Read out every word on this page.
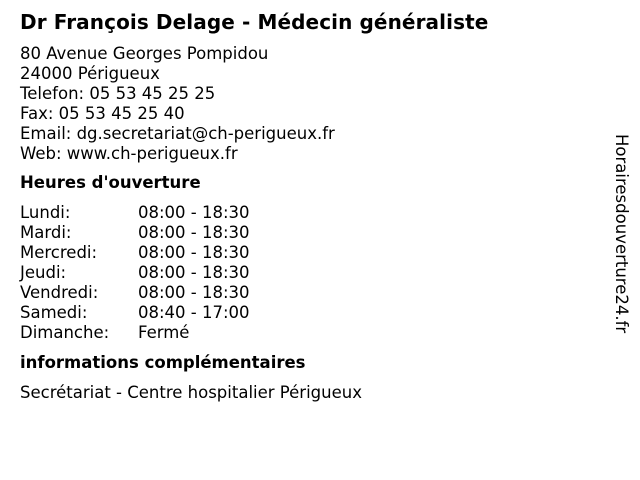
Dr François Delage - Médecin généraliste
80 Avenue Georges Pompidou
24000 Périgueux
Telefon: 05 53 45 25 25
Fax: 05 53 45 25 40
Email: dg.secretariat@ch-perigueux.fr
Web: www.ch-perigueux.fr
Heures d'ouverture
Lundi:	08:00 - 18:30
Mardi:	08:00 - 18:30
Mercredi:	08:00 - 18:30
Jeudi:	08:00 - 18:30
Vendredi:	08:00 - 18:30
Samedi:	08:40 - 17:00
Dimanche:	Fermé
informations complémentaires
Secrétariat - Centre hospitalier Périgueux
Horairesdouverture24.fr
